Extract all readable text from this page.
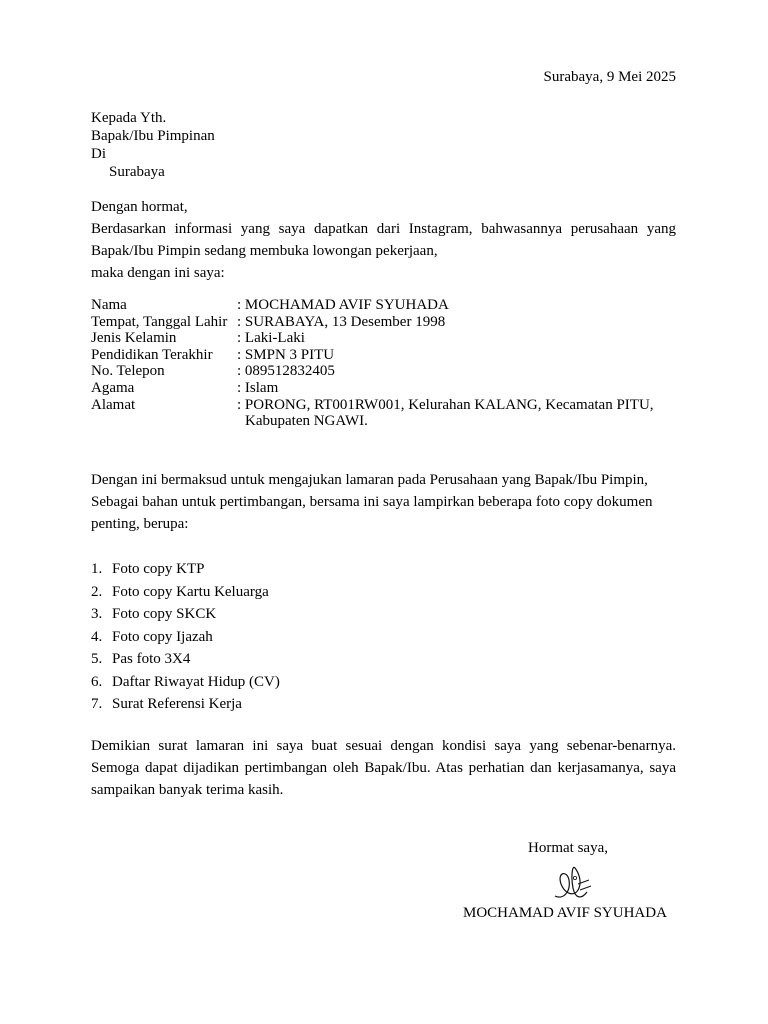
Surabaya, 9 Mei 2025
Kepada Yth.
Bapak/Ibu Pimpinan
Di
Surabaya
Dengan hormat,
Berdasarkan informasi yang saya dapatkan dari Instagram, bahwasannya perusahaan yang Bapak/Ibu Pimpin sedang membuka lowongan pekerjaan,
maka dengan ini saya:
Nama	: MOCHAMAD AVIF SYUHADA
Tempat, Tanggal Lahir : SURABAYA, 13 Desember 1998
Jenis Kelamin	: Laki-Laki
Pendidikan Terakhir	: SMPN 3 PITU
No. Telepon	: 089512832405
Agama	: Islam
Alamat	: PORONG, RT001RW001, Kelurahan KALANG, Kecamatan PITU,
Kabupaten NGAWI.
Dengan ini bermaksud untuk mengajukan lamaran pada Perusahaan yang Bapak/Ibu Pimpin, Sebagai bahan untuk pertimbangan, bersama ini saya lampirkan beberapa foto copy dokumen penting, berupa:
1. Foto copy KTP
2. Foto copy Kartu Keluarga
3. Foto copy SKCK
4. Foto copy Ijazah
5. Pas foto 3X4
6. Daftar Riwayat Hidup (CV)
7. Surat Referensi Kerja
Demikian surat lamaran ini saya buat sesuai dengan kondisi saya yang sebenar-benarnya. Semoga dapat dijadikan pertimbangan oleh Bapak/Ibu. Atas perhatian dan kerjasamanya, saya sampaikan banyak terima kasih.
Hormat saya,
MOCHAMAD AVIF SYUHADA
